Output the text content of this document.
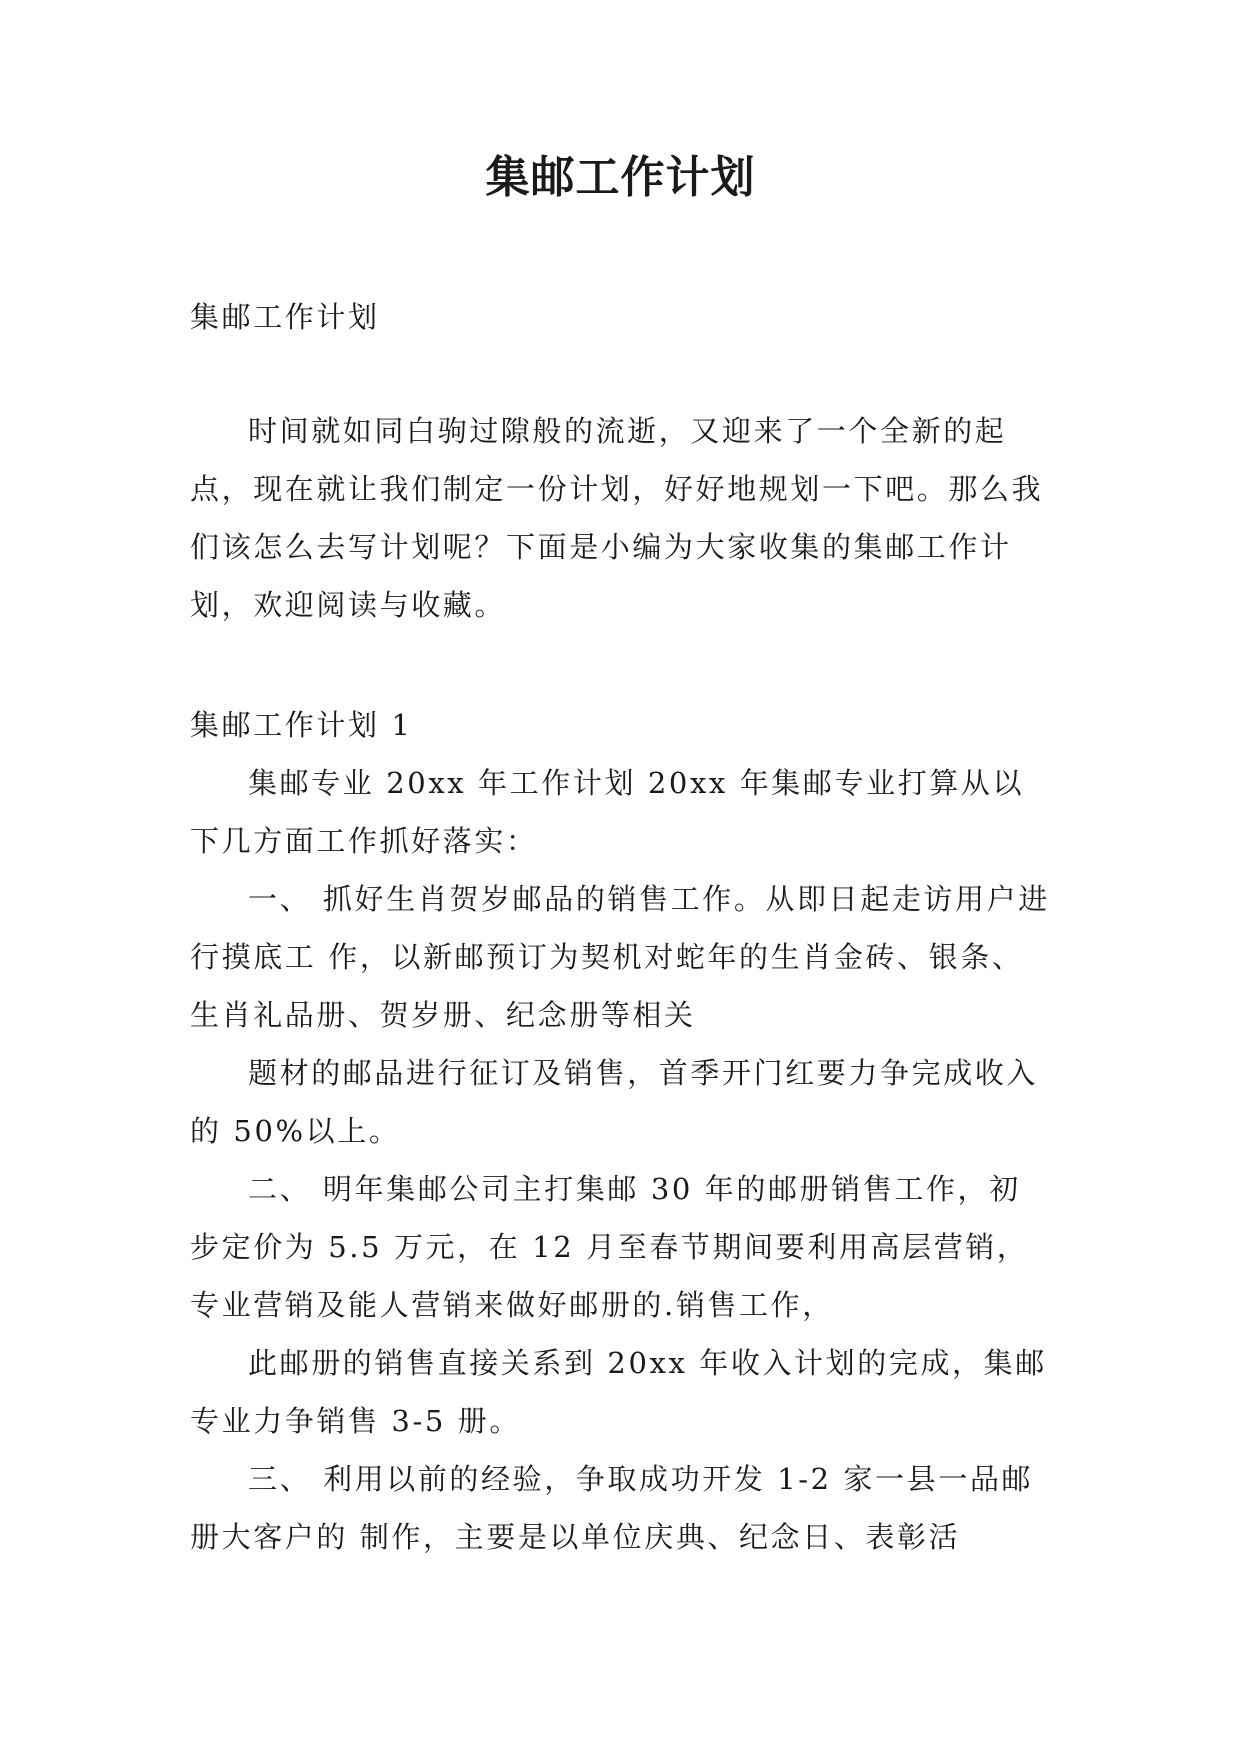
集邮工作计划

集邮工作计划

时间就如同白驹过隙般的流逝，又迎来了一个全新的起点，现在就让我们制定一份计划，好好地规划一下吧。那么我们该怎么去写计划呢？下面是小编为大家收集的集邮工作计划，欢迎阅读与收藏。

集邮工作计划 1

集邮专业 20xx 年工作计划 20xx 年集邮专业打算从以下几方面工作抓好落实：

一、 抓好生肖贺岁邮品的销售工作。从即日起走访用户进行摸底工 作，以新邮预订为契机对蛇年的生肖金砖、银条、生肖礼品册、贺岁册、纪念册等相关

题材的邮品进行征订及销售，首季开门红要力争完成收入的 50%以上。

二、 明年集邮公司主打集邮 30 年的邮册销售工作，初步定价为 5.5 万元，在 12 月至春节期间要利用高层营销，专业营销及能人营销来做好邮册的.销售工作，

此邮册的销售直接关系到 20xx 年收入计划的完成，集邮专业力争销售 3-5 册。

三、 利用以前的经验，争取成功开发 1-2 家一县一品邮册大客户的 制作，主要是以单位庆典、纪念日、表彰活
